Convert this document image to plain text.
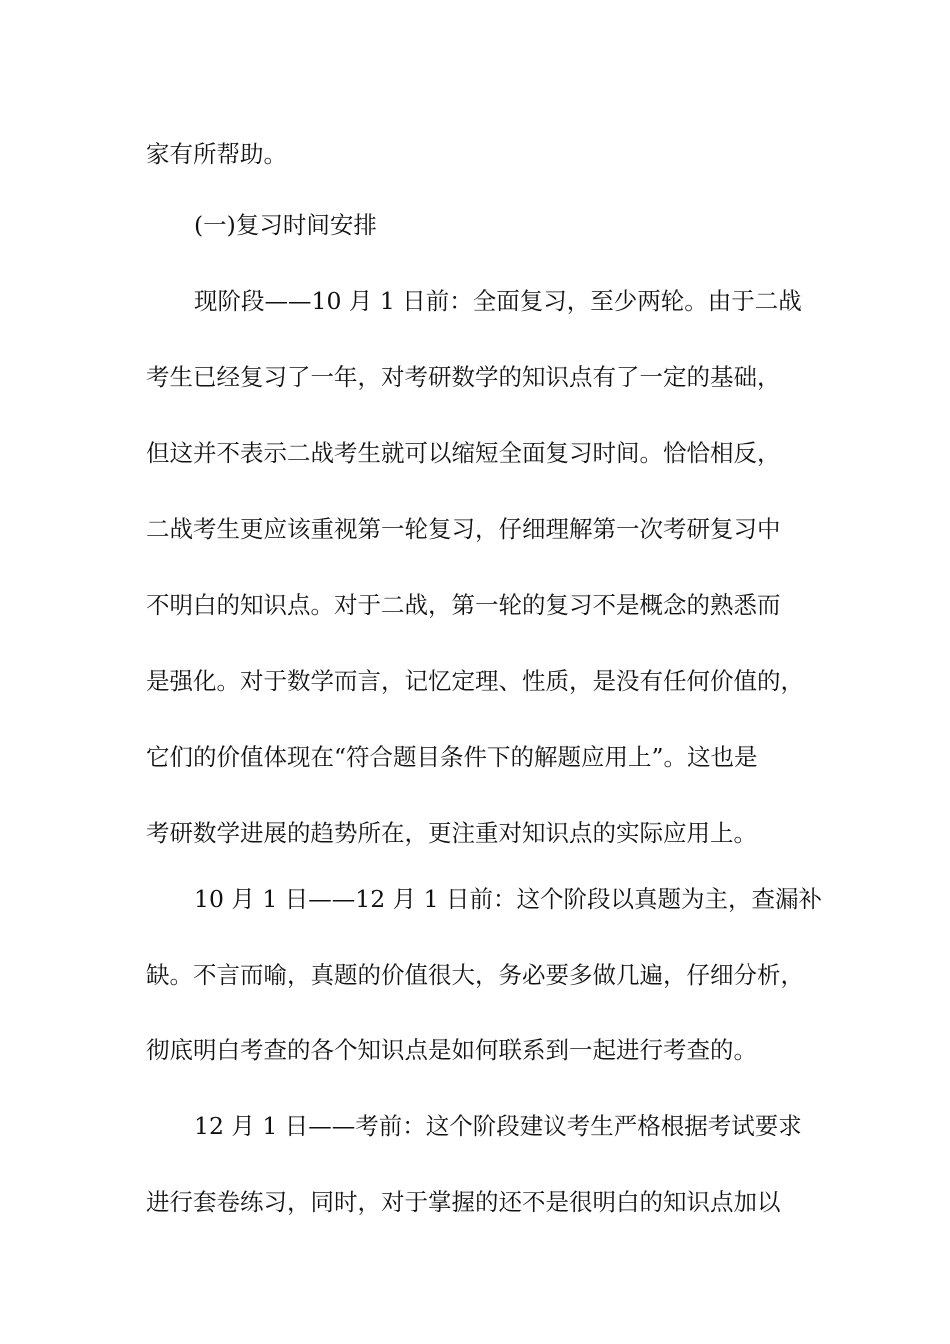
家有所帮助。

(一)复习时间安排

现阶段——10 月 1 日前：全面复习，至少两轮。由于二战

考生已经复习了一年，对考研数学的知识点有了一定的基础，

但这并不表示二战考生就可以缩短全面复习时间。恰恰相反，

二战考生更应该重视第一轮复习，仔细理解第一次考研复习中

不明白的知识点。对于二战，第一轮的复习不是概念的熟悉而

是强化。对于数学而言，记忆定理、性质，是没有任何价值的，

它们的价值体现在“符合题目条件下的解题应用上”。这也是

考研数学进展的趋势所在，更注重对知识点的实际应用上。

10 月 1 日——12 月 1 日前：这个阶段以真题为主，查漏补

缺。不言而喻，真题的价值很大，务必要多做几遍，仔细分析，

彻底明白考查的各个知识点是如何联系到一起进行考查的。

12 月 1 日——考前：这个阶段建议考生严格根据考试要求

进行套卷练习，同时，对于掌握的还不是很明白的知识点加以
